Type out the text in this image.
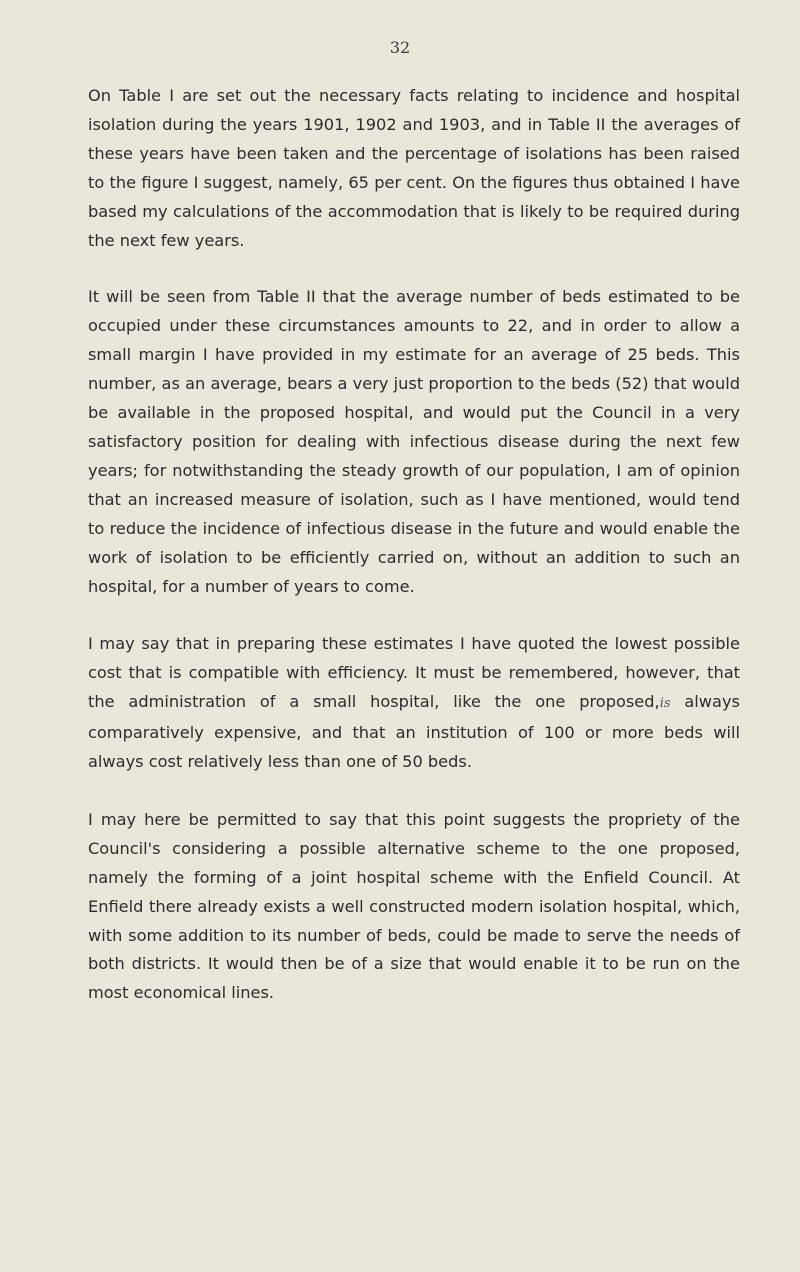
32

On Table I are set out the necessary facts relating to incidence and hospital isolation during the years 1901, 1902 and 1903, and in Table II the averages of these years have been taken and the percentage of isolations has been raised to the figure I suggest, namely, 65 per cent. On the figures thus obtained I have based my calculations of the accommodation that is likely to be required during the next few years.

It will be seen from Table II that the average number of beds estimated to be occupied under these circumstances amounts to 22, and in order to allow a small margin I have provided in my estimate for an average of 25 beds. This number, as an average, bears a very just proportion to the beds (52) that would be available in the proposed hospital, and would put the Council in a very satisfactory position for dealing with infectious disease during the next few years; for notwithstanding the steady growth of our population, I am of opinion that an increased measure of isolation, such as I have mentioned, would tend to reduce the incidence of infectious disease in the future and would enable the work of isolation to be efficiently carried on, without an addition to such an hospital, for a number of years to come.

I may say that in preparing these estimates I have quoted the lowest possible cost that is compatible with efficiency. It must be remembered, however, that the administration of a small hospital, like the one proposed,is always comparatively expensive, and that an institution of 100 or more beds will always cost relatively less than one of 50 beds.

I may here be permitted to say that this point suggests the propriety of the Council's considering a possible alternative scheme to the one proposed, namely the forming of a joint hospital scheme with the Enfield Council. At Enfield there already exists a well constructed modern isolation hospital, which, with some addition to its number of beds, could be made to serve the needs of both districts. It would then be of a size that would enable it to be run on the most economical lines.
